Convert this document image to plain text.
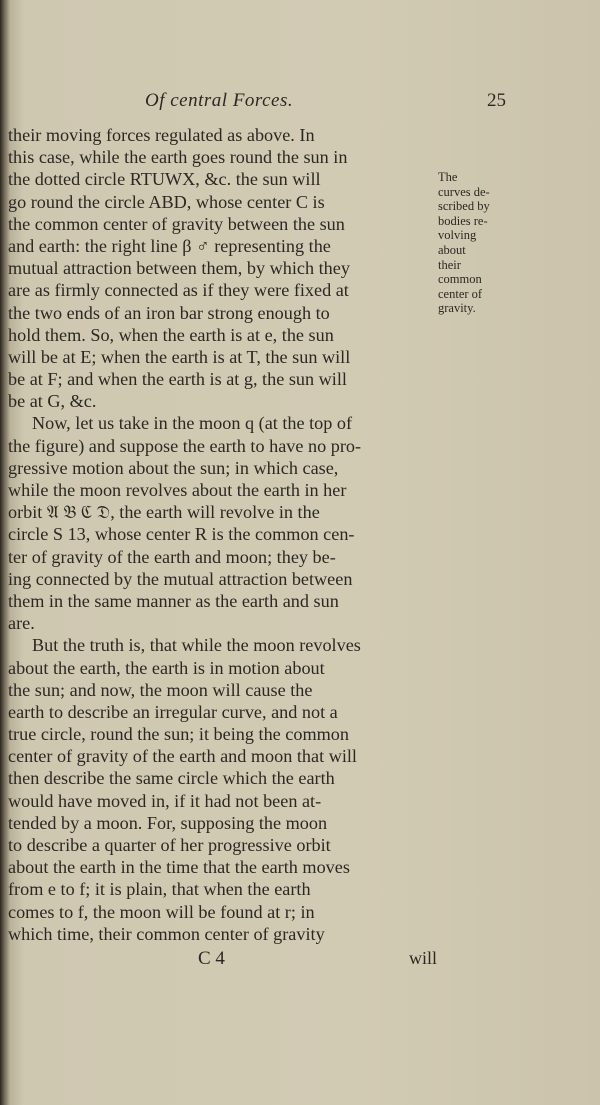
Of central Forces.	25
their moving forces regulated as above. In
this case, while the earth goes round the sun in
the dotted circle RTUWX, &c. the sun will
go round the circle ABD, whose center C is
the common center of gravity between the sun
and earth: the right line β ♂ representing the
mutual attraction between them, by which they
are as firmly connected as if they were fixed at
the two ends of an iron bar strong enough to
hold them. So, when the earth is at e, the sun
will be at E; when the earth is at T, the sun will
be at F; and when the earth is at g, the sun will
be at G, &c.
Now, let us take in the moon q (at the top of
the figure) and suppose the earth to have no pro-
gressive motion about the sun; in which case,
while the moon revolves about the earth in her
orbit 𝔄 𝔅 ℭ 𝔇, the earth will revolve in the
circle S 13, whose center R is the common cen-
ter of gravity of the earth and moon; they be-
ing connected by the mutual attraction between
them in the same manner as the earth and sun
are.
But the truth is, that while the moon revolves
about the earth, the earth is in motion about
the sun; and now, the moon will cause the
earth to describe an irregular curve, and not a
true circle, round the sun; it being the common
center of gravity of the earth and moon that will
then describe the same circle which the earth
would have moved in, if it had not been at-
tended by a moon. For, supposing the moon
to describe a quarter of her progressive orbit
about the earth in the time that the earth moves
from e to f; it is plain, that when the earth
comes to f, the moon will be found at r; in
which time, their common center of gravity
The
curves de-
scribed by
bodies re-
volving
about
their
common
center of
gravity.
C 4	will
